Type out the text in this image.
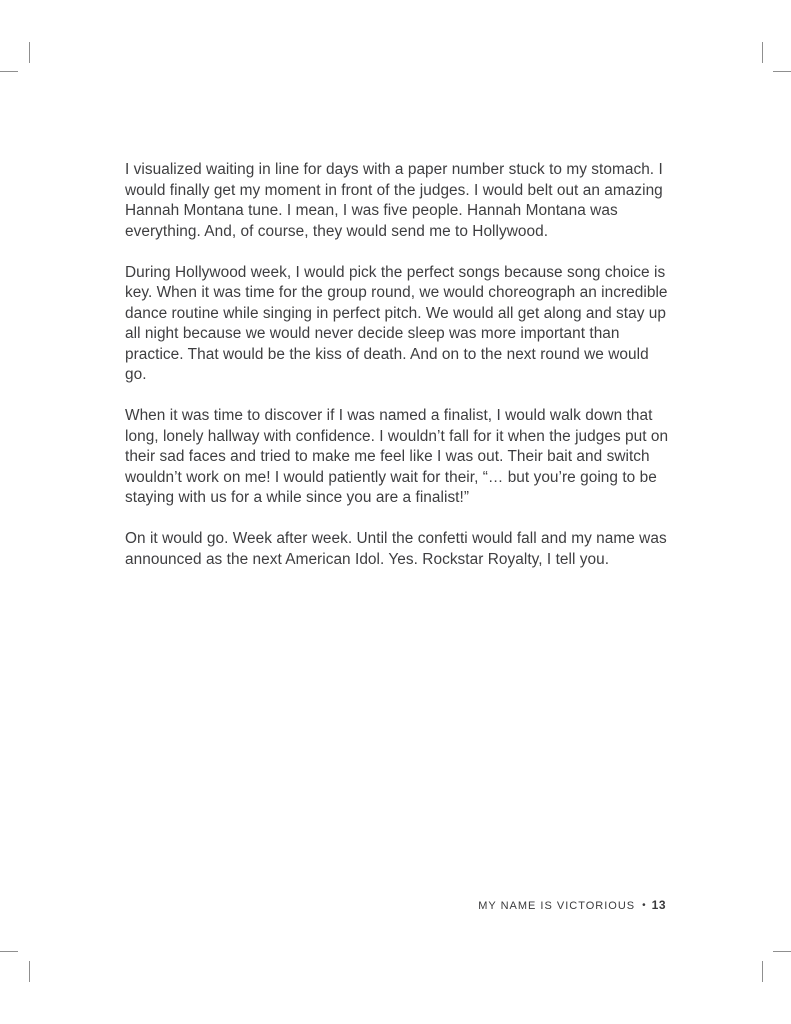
I visualized waiting in line for days with a paper number stuck to my stomach. I would finally get my moment in front of the judges. I would belt out an amazing Hannah Montana tune. I mean, I was five people. Hannah Montana was everything. And, of course, they would send me to Hollywood.

During Hollywood week, I would pick the perfect songs because song choice is key. When it was time for the group round, we would choreograph an incredible dance routine while singing in perfect pitch. We would all get along and stay up all night because we would never decide sleep was more important than practice. That would be the kiss of death. And on to the next round we would go.

When it was time to discover if I was named a finalist, I would walk down that long, lonely hallway with confidence. I wouldn’t fall for it when the judges put on their sad faces and tried to make me feel like I was out. Their bait and switch wouldn’t work on me! I would patiently wait for their, “… but you’re going to be staying with us for a while since you are a finalist!”

On it would go. Week after week. Until the confetti would fall and my name was announced as the next American Idol. Yes. Rockstar Royalty, I tell you.

MY NAME IS VICTORIOUS • 13
